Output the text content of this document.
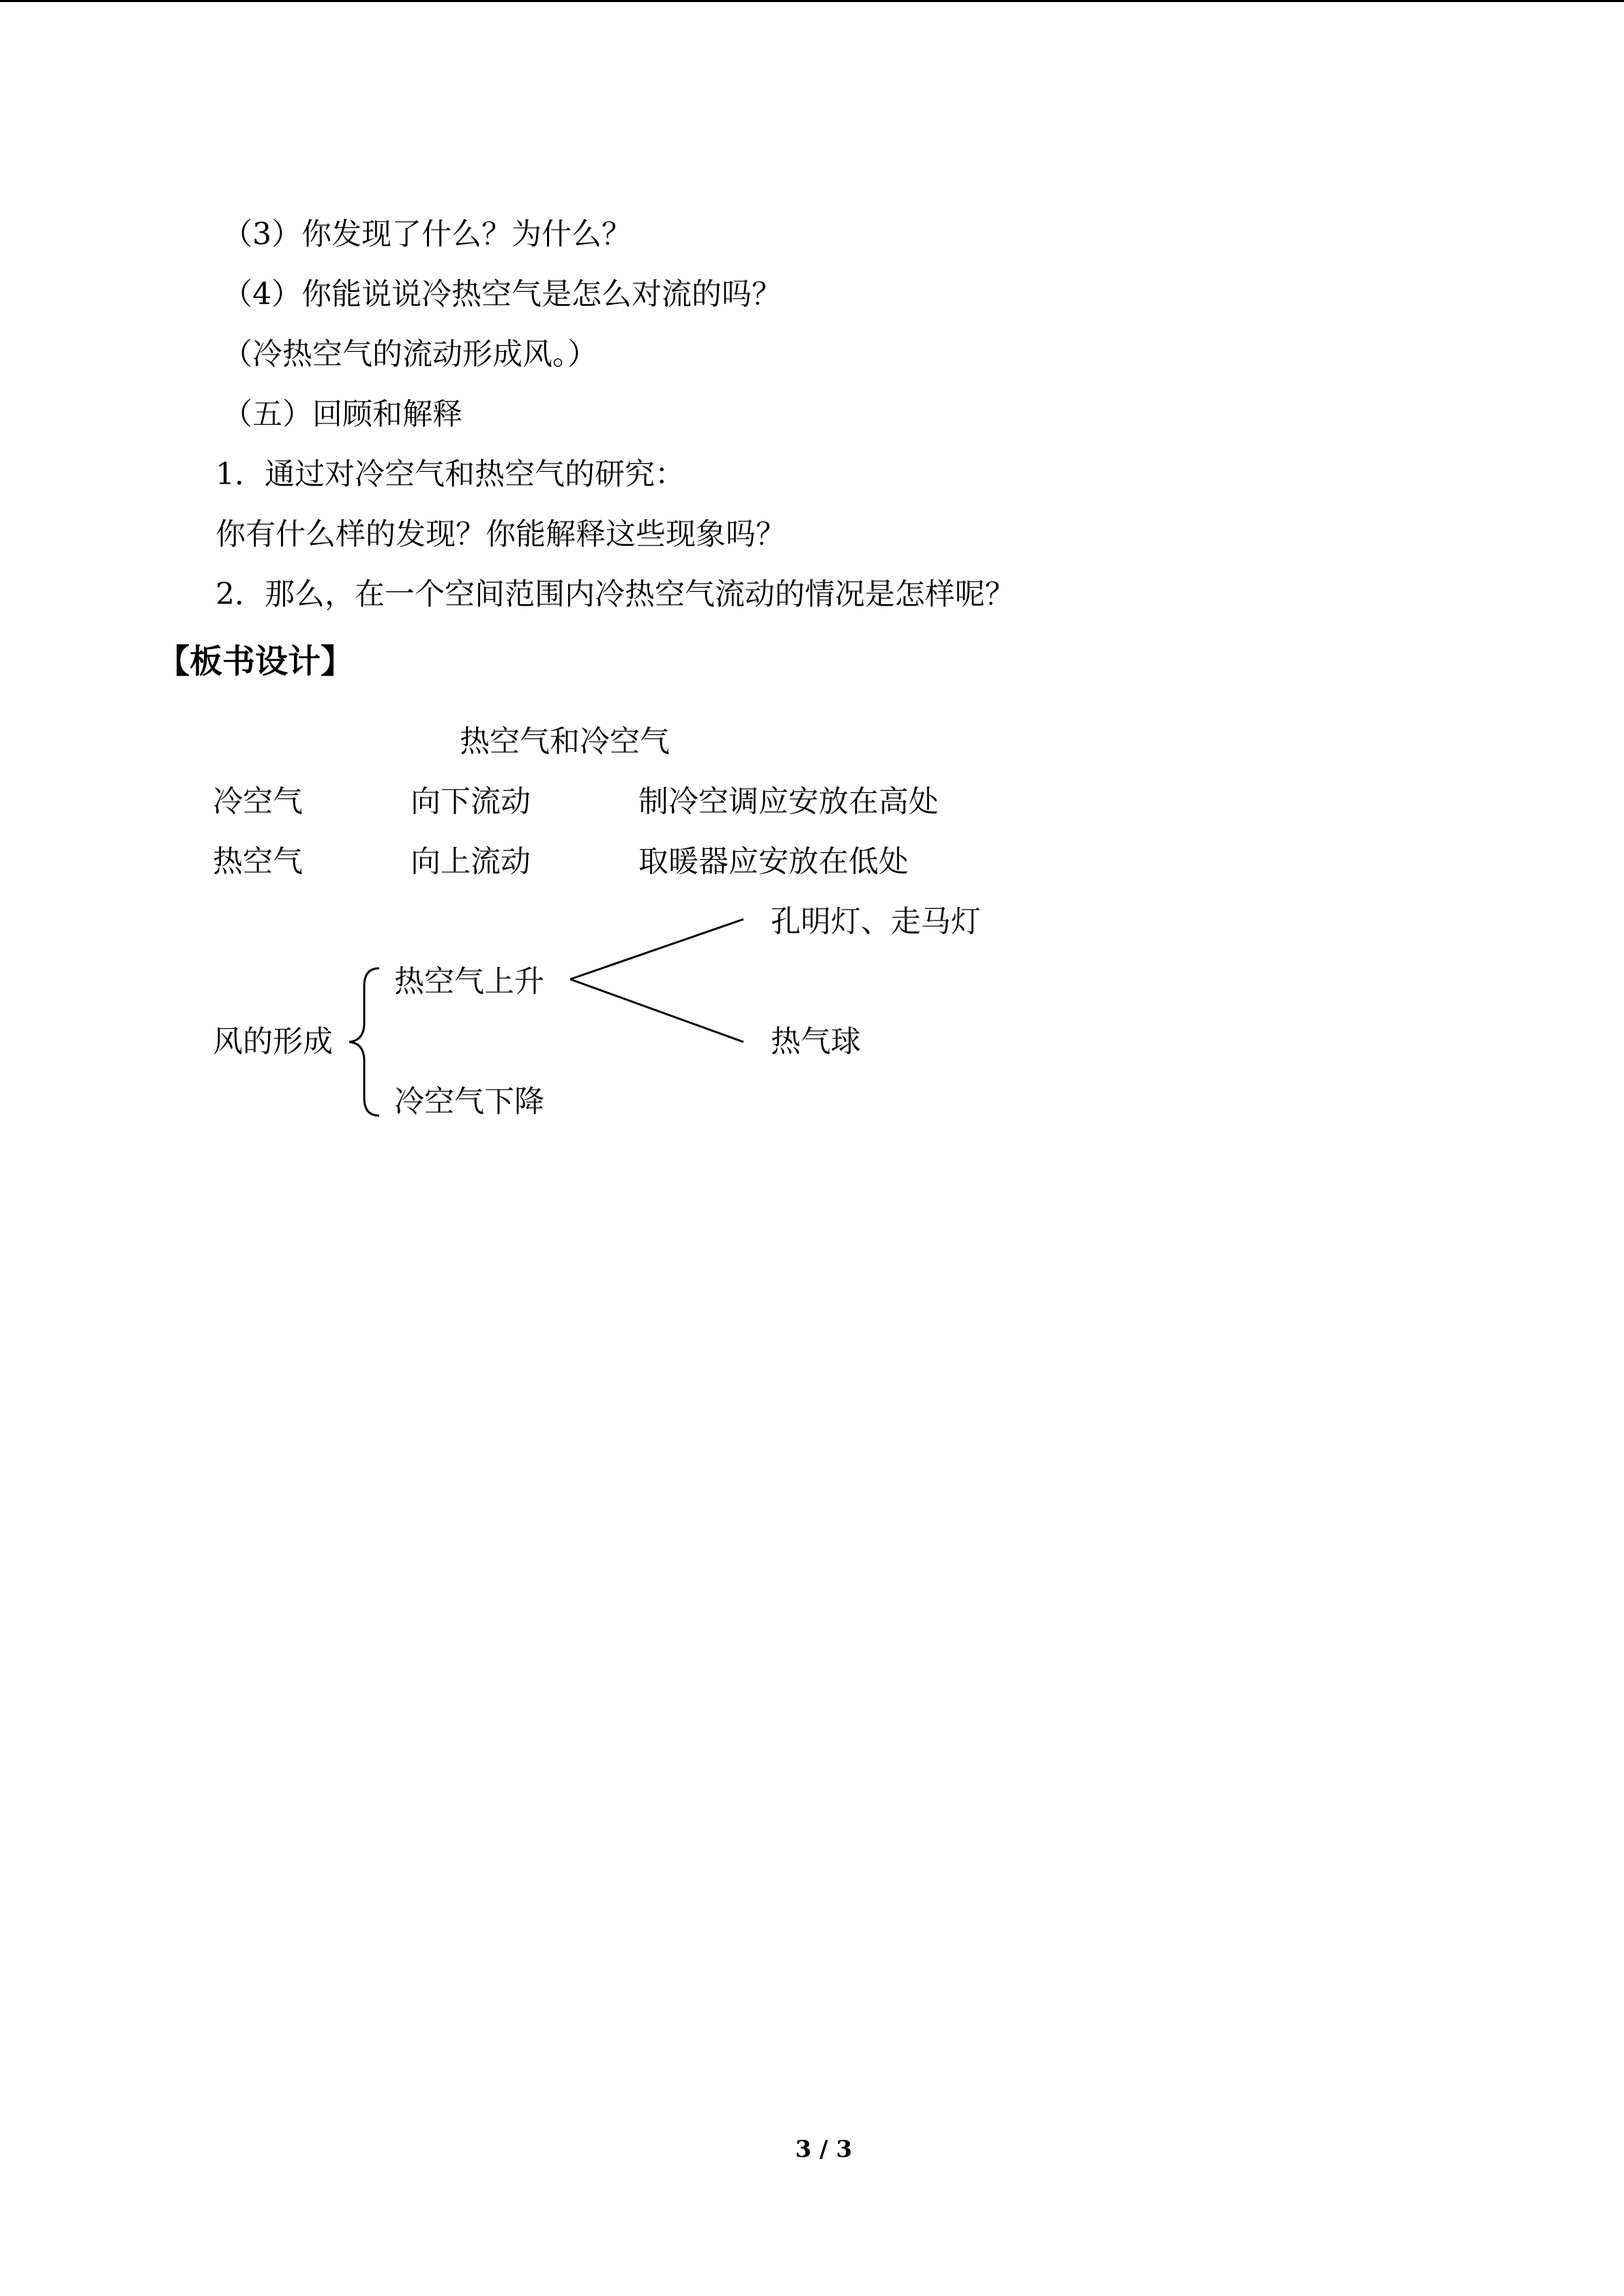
（3）你发现了什么？为什么？
（4）你能说说冷热空气是怎么对流的吗？
（冷热空气的流动形成风。）
（五）回顾和解释
1．通过对冷空气和热空气的研究：
你有什么样的发现？你能解释这些现象吗？
2．那么，在一个空间范围内冷热空气流动的情况是怎样呢？
【板书设计】
热空气和冷空气
冷空气	向下流动	制冷空调应安放在高处
热空气	向上流动	取暖器应安放在低处
孔明灯、走马灯
热空气上升
风的形成	热气球
冷空气下降
3 / 3
